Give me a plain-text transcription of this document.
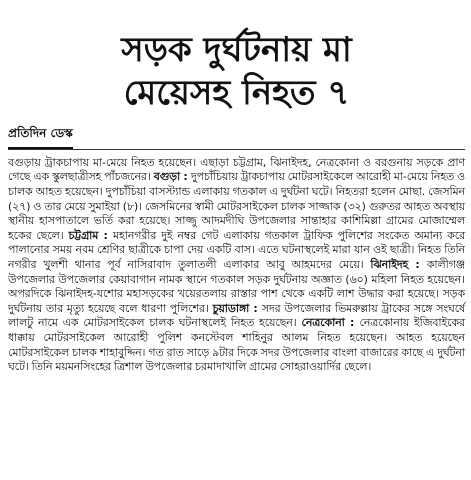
সড়ক দুর্ঘটনায় মা
মেয়েসহ নিহত ৭
প্রতিদিন ডেস্ক
বগুড়ায় ট্রাকচাপায় মা-মেয়ে নিহত হয়েছেন। এছাড়া চট্টগ্রাম, ঝিনাইদহ, নেত্রকোনা ও বরগুনায় সড়কে প্রাণ গেছে এক স্কুলছাত্রীসহ পাঁচজনের। বগুড়া : দুপচাঁচিয়ায় ট্রাকচাপায় মোটরসাইকেলে আরোহী মা-মেয়ে নিহত ও চালক আহত হয়েছেন। দুপচাঁচিয়া বাসস্ট্যান্ড এলাকায় গতকাল এ দুর্ঘটনা ঘটে। নিহতরা হলেন মোছা. জেসমিন (২৭) ও তার মেয়ে সুমাইয়া (৮)। জেসমিনের স্বামী মোটরসাইকেল চালক সাজ্জাক (৩২) গুরুতর আহত অবস্থায় স্থানীয় হাসপাতালে ভর্তি করা হয়েছে। সাজ্জু আদমদীঘি উপজেলার সান্তাহার কাশিমিল্লা গ্রামের মোজাম্মেল হকের ছেলে। চট্টগ্রাম : মহানগরীর দুই নম্বর গেট এলাকায় গতকাল ট্রাফিক পুলিশের সংকেত অমান্য করে পালানোর সময় নবম শ্রেণির ছাত্রীকে চাপা দেয় একটি বাস। এতে ঘটনাস্থলেই মারা যান ওই ছাত্রী। নিহত তিনি নগরীর খুলশী থানার পূর্ব নাসিরাবাদ তুলাতলী এলাকার আবু আহমদের মেয়ে। ঝিনাইদহ : কালীগঞ্জ উপজেলার উপজেলার কেয়াবাগান নামক স্থানে গতকাল সড়ক দুর্ঘটনায় অজ্ঞাত (৬০) মহিলা নিহত হয়েছেন। অপরদিকে ঝিনাইদহ-যশোর মহাসড়কের খয়েরতলায় রাস্তার পাশ থেকে একটি লাশ উদ্ধার করা হয়েছে। সড়ক দুর্ঘটনায় তার মৃত্যু হয়েছে বলে ধারণা পুলিশের। চুয়াডাঙ্গা : সদর উপজেলার ভিমরুল্লায় ট্রাকের সঙ্গে সংঘর্ষে লালটু নামে এক মোটরসাইকেল চালক ঘটনাস্থলেই নিহত হয়েছেন। নেত্রকোনা : নেত্রকোনায় ইজিবাইকের ধাক্কায় মোটরসাইকেল আরোহী পুলিশ কনস্টেবল শাহিনুর আলম নিহত হয়েছেন। আহত হয়েছেন মোটরসাইকেল চালক শাহাবুদ্দিন। গত রাত সাড়ে ৯টার দিকে সদর উপজেলার বাংলা বাজারের কাছে এ দুর্ঘটনা ঘটে। তিনি ময়মনসিংহের ত্রিশাল উপজেলার চরমাদাখালি গ্রামের সোহরাওয়ার্দির ছেলে।
